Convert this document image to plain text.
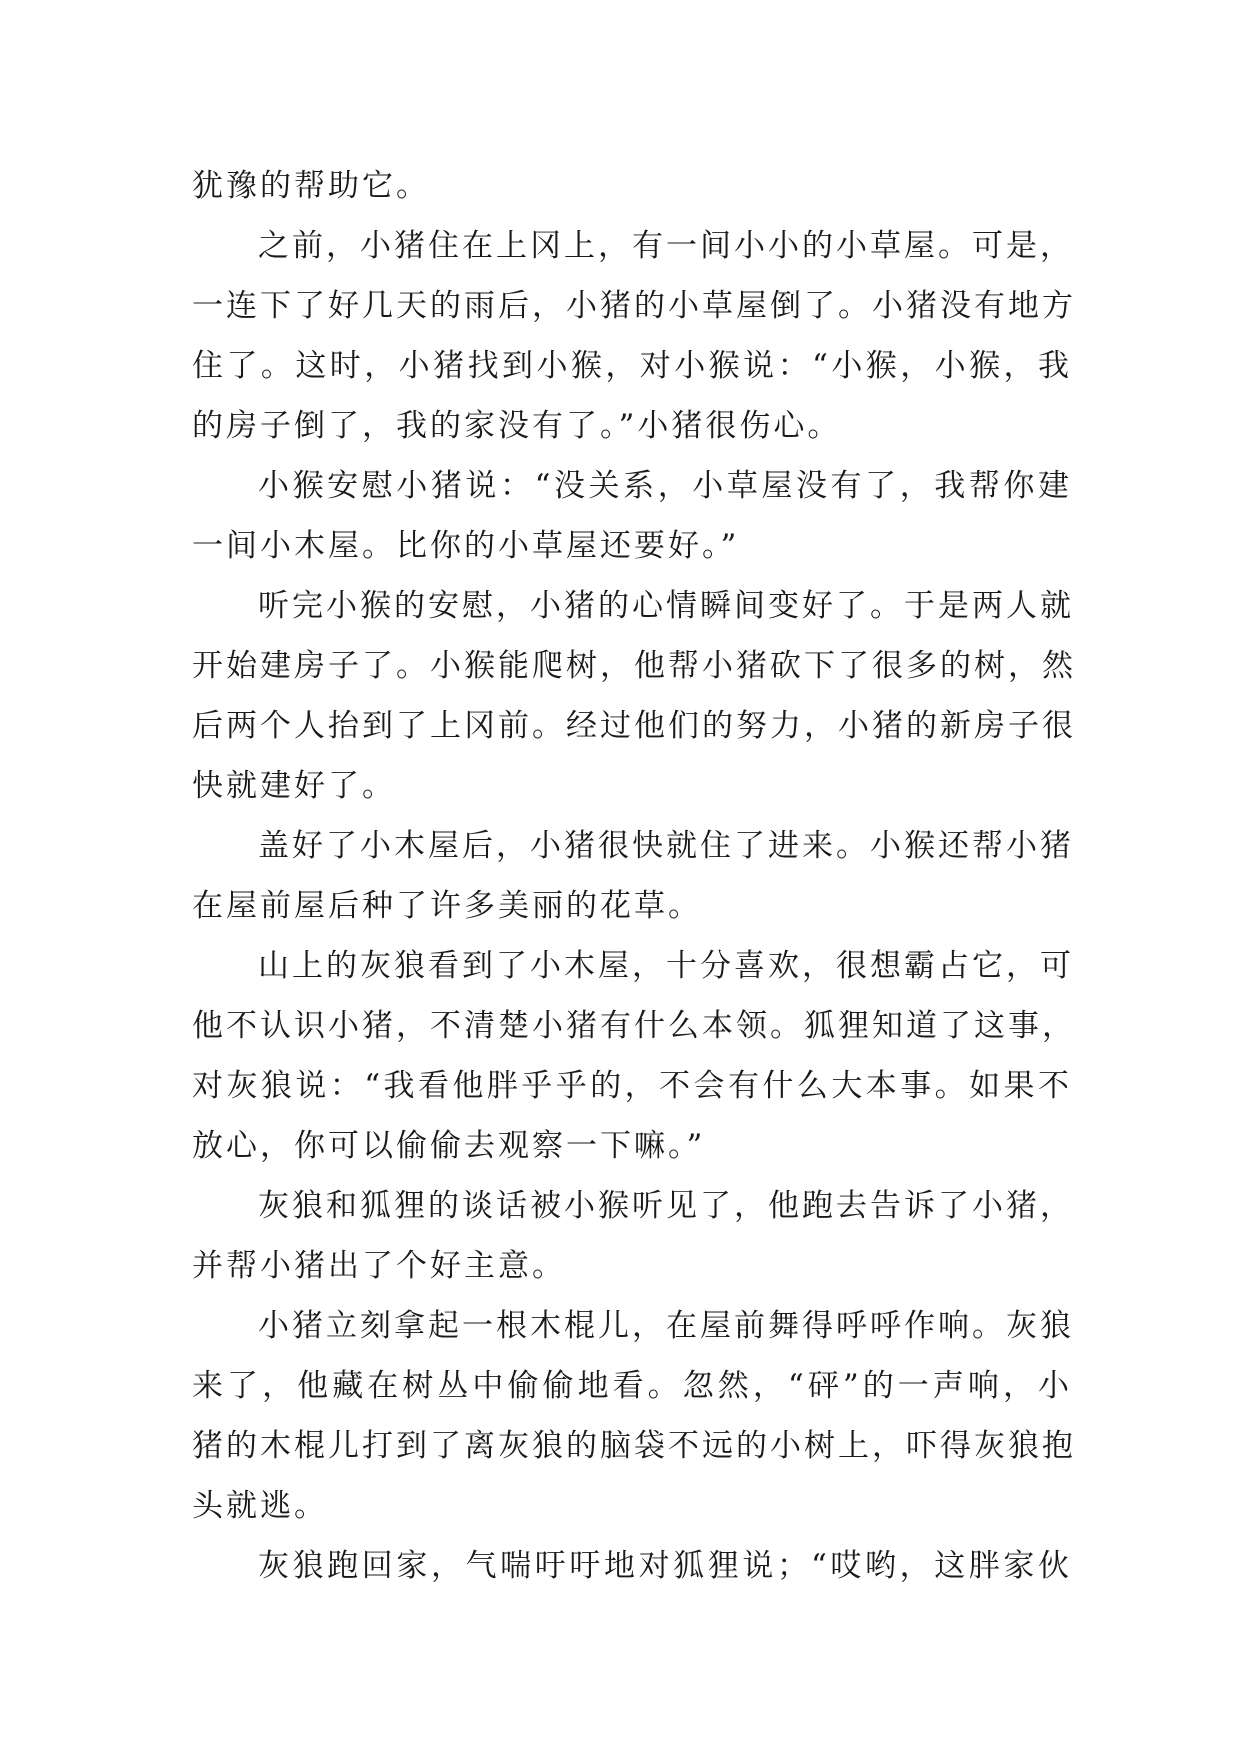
犹豫的帮助它。
之前，小猪住在上冈上，有一间小小的小草屋。可是，
一连下了好几天的雨后，小猪的小草屋倒了。小猪没有地方
住了。这时，小猪找到小猴，对小猴说：“小猴，小猴，我
的房子倒了，我的家没有了。”小猪很伤心。
小猴安慰小猪说：“没关系，小草屋没有了，我帮你建
一间小木屋。比你的小草屋还要好。”
听完小猴的安慰，小猪的心情瞬间变好了。于是两人就
开始建房子了。小猴能爬树，他帮小猪砍下了很多的树，然
后两个人抬到了上冈前。经过他们的努力，小猪的新房子很
快就建好了。
盖好了小木屋后，小猪很快就住了进来。小猴还帮小猪
在屋前屋后种了许多美丽的花草。
山上的灰狼看到了小木屋，十分喜欢，很想霸占它，可
他不认识小猪，不清楚小猪有什么本领。狐狸知道了这事，
对灰狼说：“我看他胖乎乎的，不会有什么大本事。如果不
放心，你可以偷偷去观察一下嘛。”
灰狼和狐狸的谈话被小猴听见了，他跑去告诉了小猪，
并帮小猪出了个好主意。
小猪立刻拿起一根木棍儿，在屋前舞得呼呼作响。灰狼
来了，他藏在树丛中偷偷地看。忽然，“砰”的一声响，小
猪的木棍儿打到了离灰狼的脑袋不远的小树上，吓得灰狼抱
头就逃。
灰狼跑回家，气喘吁吁地对狐狸说；“哎哟，这胖家伙
